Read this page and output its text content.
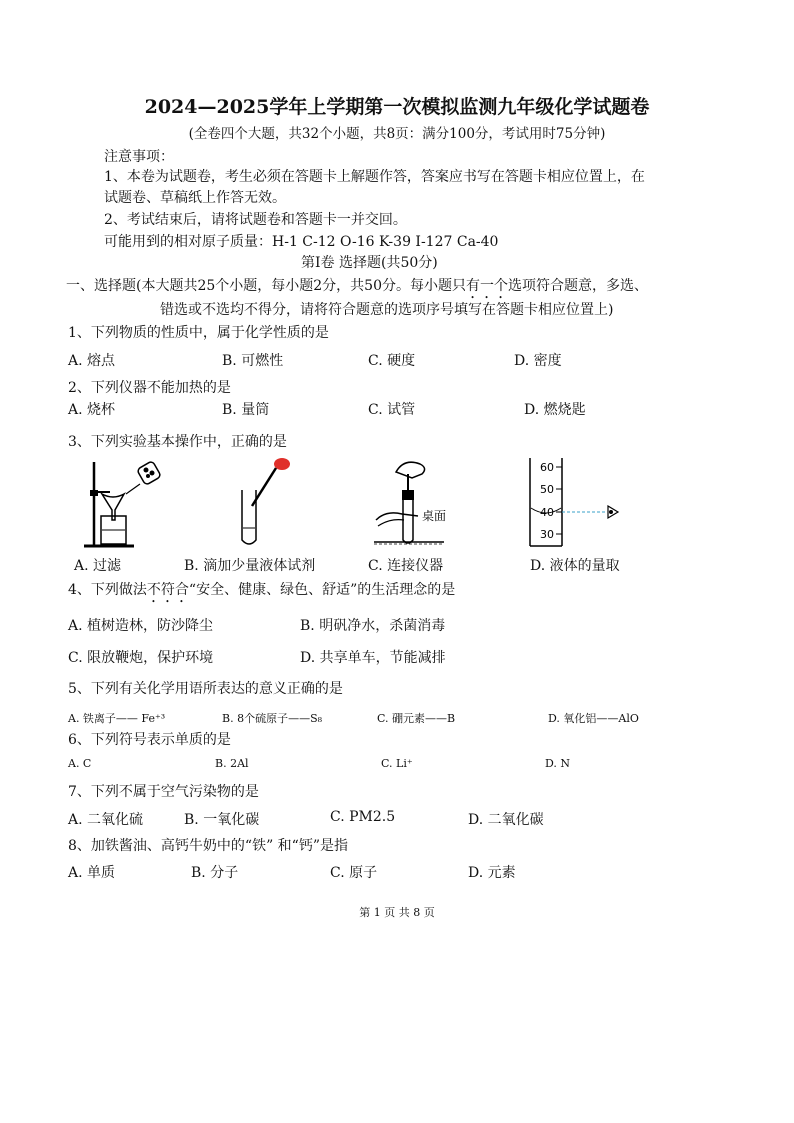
2024—2025学年上学期第一次模拟监测九年级化学试题卷
(全卷四个大题，共32个小题，共8页：满分100分，考试用时75分钟)
注意事项：
1、本卷为试题卷，考生必须在答题卡上解题作答，答案应书写在答题卡相应位置上，在
试题卷、草稿纸上作答无效。
2、考试结束后，请将试题卷和答题卡一并交回。
可能用到的相对原子质量：H-1 C-12 O-16 K-39 I-127 Ca-40
第Ⅰ卷 选择题(共50分)
一、选择题(本大题共25个小题，每小题2分，共50分。每小题只有一个选项符合题意，多选、
错选或不选均不得分，请将符合题意的选项序号填写在答题卡相应位置上)
1、下列物质的性质中，属于化学性质的是
A. 熔点	B. 可燃性	C. 硬度	D. 密度
2、下列仪器不能加热的是
A. 烧杯	B. 量筒	C. 试管	D. 燃烧匙
3、下列实验基本操作中，正确的是
桌面
60
50
40
30
A. 过滤	B. 滴加少量液体试剂	C. 连接仪器	D. 液体的量取
4、下列做法不符合“安全、健康、绿色、舒适”的生活理念的是
A. 植树造林，防沙降尘	B. 明矾净水，杀菌消毒
C. 限放鞭炮，保护环境	D. 共享单车，节能减排
5、下列有关化学用语所表达的意义正确的是
A. 铁离子—— Fe⁺³	B. 8个硫原子——S₈	C. 硼元素——B	D. 氧化铝——AlO
6、下列符号表示单质的是
A. C	B. 2Al	C. Li⁺	D. N
7、下列不属于空气污染物的是
A. 二氧化硫	B. 一氧化碳	C. PM2.5	D. 二氧化碳
8、加铁酱油、高钙牛奶中的“铁” 和“钙”是指
A. 单质	B. 分子	C. 原子	D. 元素
第 1 页 共 8 页
